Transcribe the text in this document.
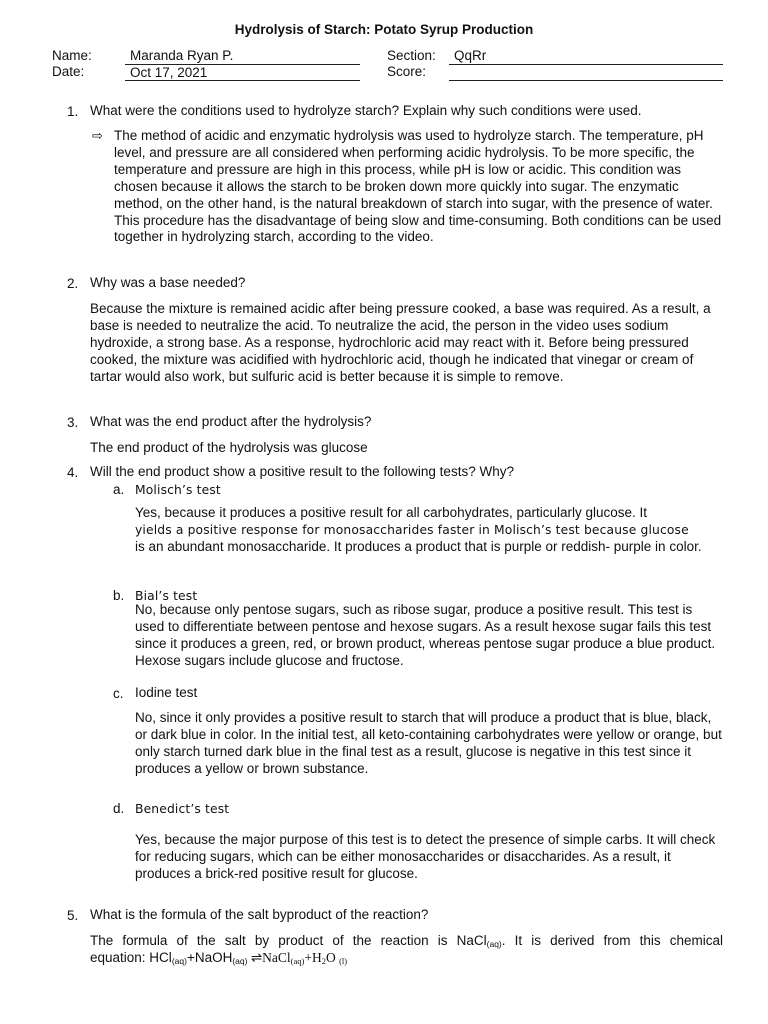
Hydrolysis of Starch: Potato Syrup Production
Name:	Maranda Ryan P.
Date:	Oct 17, 2021
Section:	QqRr
Score:
1. What were the conditions used to hydrolyze starch? Explain why such conditions were used.
⇨ The method of acidic and enzymatic hydrolysis was used to hydrolyze starch. The temperature, pH level, and pressure are all considered when performing acidic hydrolysis. To be more specific, the temperature and pressure are high in this process, while pH is low or acidic. This condition was chosen because it allows the starch to be broken down more quickly into sugar. The enzymatic method, on the other hand, is the natural breakdown of starch into sugar, with the presence of water. This procedure has the disadvantage of being slow and time-consuming. Both conditions can be used together in hydrolyzing starch, according to the video.
2. Why was a base needed?
Because the mixture is remained acidic after being pressure cooked, a base was required. As a result, a base is needed to neutralize the acid. To neutralize the acid, the person in the video uses sodium hydroxide, a strong base. As a response, hydrochloric acid may react with it. Before being pressured cooked, the mixture was acidified with hydrochloric acid, though he indicated that vinegar or cream of tartar would also work, but sulfuric acid is better because it is simple to remove.
3. What was the end product after the hydrolysis?
The end product of the hydrolysis was glucose
4. Will the end product show a positive result to the following tests? Why?
a. Molisch’s test
Yes, because it produces a positive result for all carbohydrates, particularly glucose. It
yields a positive response for monosaccharides faster in Molisch’s test because glucose
is an abundant monosaccharide. It produces a product that is purple or reddish- purple in color.
b. Bial’s test
No, because only pentose sugars, such as ribose sugar, produce a positive result. This test is used to differentiate between pentose and hexose sugars. As a result hexose sugar fails this test since it produces a green, red, or brown product, whereas pentose sugar produce a blue product. Hexose sugars include glucose and fructose.
c. Iodine test
No, since it only provides a positive result to starch that will produce a product that is blue, black, or dark blue in color. In the initial test, all keto-containing carbohydrates were yellow or orange, but only starch turned dark blue in the final test as a result, glucose is negative in this test since it produces a yellow or brown substance.
d. Benedict’s test
Yes, because the major purpose of this test is to detect the presence of simple carbs. It will check for reducing sugars, which can be either monosaccharides or disaccharides. As a result, it produces a brick-red positive result for glucose.
5. What is the formula of the salt byproduct of the reaction?
The formula of the salt by product of the reaction is NaCl$_{(aq)}$. It is derived from this chemical
equation: HCl$_{(aq)}$+NaOH$_{(aq)}$ $\rightleftharpoons NaCl_{(aq)}+H_2O$ $_{(l)}$
